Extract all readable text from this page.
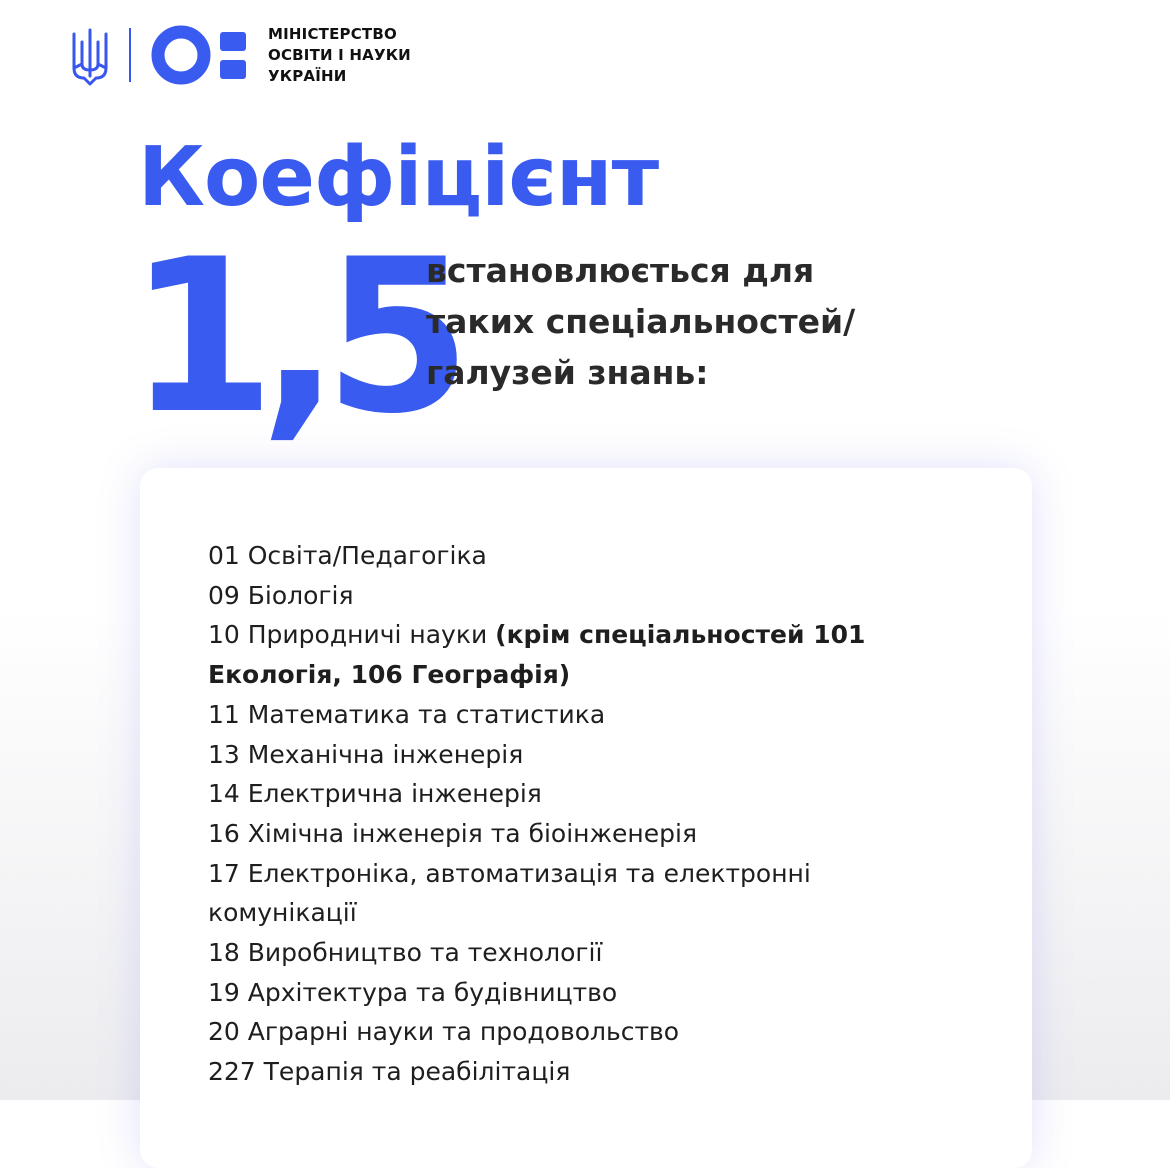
МІНІСТЕРСТВО
ОСВІТИ І НАУКИ
УКРАЇНИ
Коефіцієнт
1,5
встановлюється для
таких спеціальностей/
галузей знань:
01 Освіта/Педагогіка
09 Біологія
10 Природничі науки (крім спеціальностей 101
Екологія, 106 Географія)
11 Математика та статистика
13 Механічна інженерія
14 Електрична інженерія
16 Хімічна інженерія та біоінженерія
17 Електроніка, автоматизація та електронні
комунікації
18 Виробництво та технології
19 Архітектура та будівництво
20 Аграрні науки та продовольство
227 Терапія та реабілітація
